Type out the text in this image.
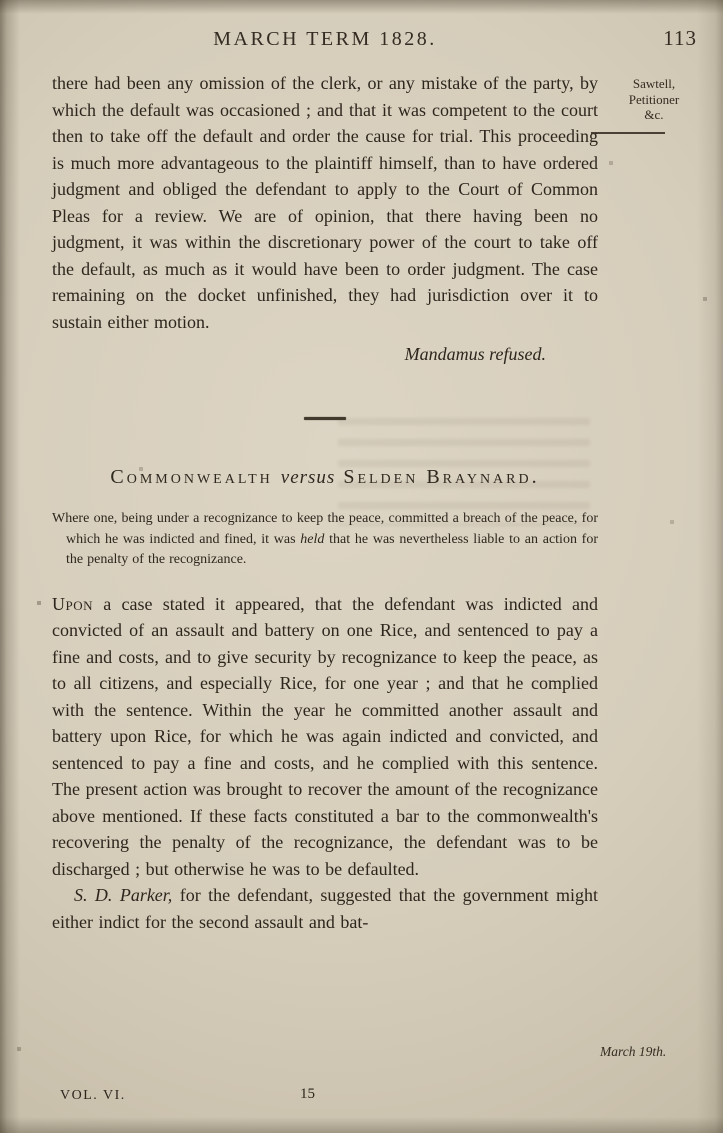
MARCH TERM 1828.	113
Sawtell,
Petitioner
&c.

there had been any omission of the clerk, or any mistake of the party, by which the default was occasioned ; and that it was competent to the court then to take off the default and order the cause for trial. This proceeding is much more advantageous to the plaintiff himself, than to have ordered judgment and obliged the defendant to apply to the Court of Common Pleas for a review. We are of opinion, that there having been no judgment, it was within the discretionary power of the court to take off the default, as much as it would have been to order judgment. The case remaining on the docket unfinished, they had jurisdiction over it to sustain either motion.

Mandamus refused.

Commonwealth versus Selden Braynard.

Where one, being under a recognizance to keep the peace, committed a breach of the peace, for which he was indicted and fined, it was held that he was nevertheless liable to an action for the penalty of the recognizance.

Upon a case stated it appeared, that the defendant was indicted and convicted of an assault and battery on one Rice, and sentenced to pay a fine and costs, and to give security by recognizance to keep the peace, as to all citizens, and especially Rice, for one year ; and that he complied with the sentence. Within the year he committed another assault and battery upon Rice, for which he was again indicted and convicted, and sentenced to pay a fine and costs, and he complied with this sentence. The present action was brought to recover the amount of the recognizance above mentioned. If these facts constituted a bar to the commonwealth's recovering the penalty of the recognizance, the defendant was to be discharged ; but otherwise he was to be defaulted.

S. D. Parker, for the defendant, suggested that the government might either indict for the second assault and bat-

March 19th.
VOL. VI.	15
